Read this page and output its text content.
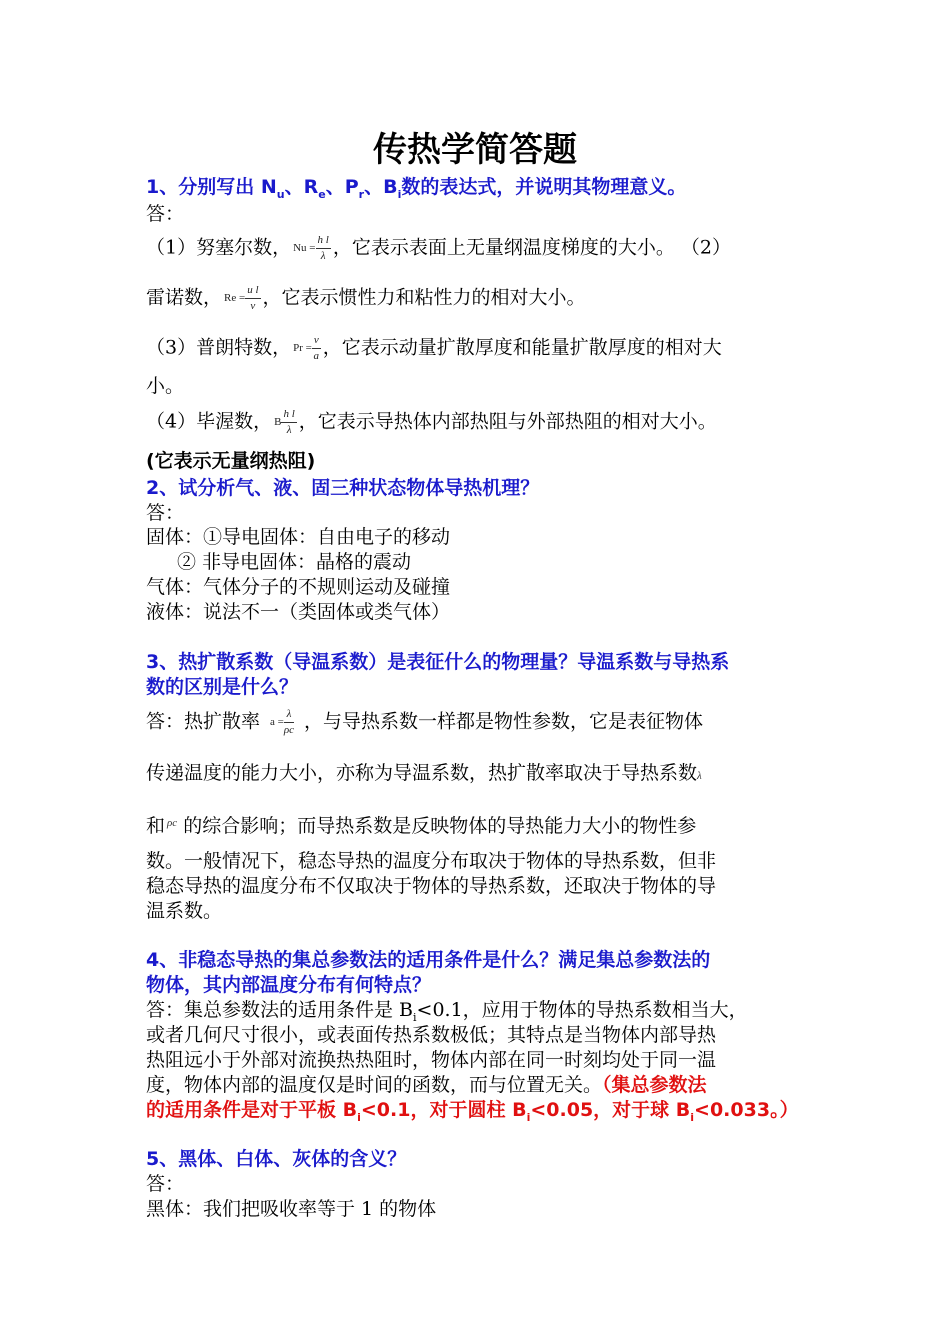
传热学简答题
1、分别写出 $N_u$、$R_e$、$P_r$、$B_i$数的表达式，并说明其物理意义。
答：
（1）努塞尔数， $Nu = \frac{\text{h l}}{\lambda}$ ，它表示表面上无量纲温度梯度的大小。 （2）
雷诺数， $Re = \frac{\text{u l}}{\nu}$ ，它表示惯性力和粘性力的相对大小。
（3）普朗特数， $Pr = \frac{\nu}{a}$ ，它表示动量扩散厚度和能量扩散厚度的相对大
小。
（4）毕渥数， B $\frac{\text{h l}}{\lambda}$ ，它表示导热体内部热阻与外部热阻的相对大小。
(它表示无量纲热阻)
2、试分析气、液、固三种状态物体导热机理？
答：
固体：①导电固体：自由电子的移动
② 非导电固体：晶格的震动
气体：气体分子的不规则运动及碰撞
液体：说法不一（类固体或类气体）
3、热扩散系数（导温系数）是表征什么的物理量？导温系数与导热系
数的区别是什么？
答：热扩散率 $a = \frac{\lambda}{\rho c}$ ，与导热系数一样都是物性参数，它是表征物体
传递温度的能力大小，亦称为导温系数，热扩散率取决于导热系数λ
和 $^{\rho c}$ 的综合影响；而导热系数是反映物体的导热能力大小的物性参
数。一般情况下，稳态导热的温度分布取决于物体的导热系数，但非
稳态导热的温度分布不仅取决于物体的导热系数，还取决于物体的导
温系数。
4、非稳态导热的集总参数法的适用条件是什么？满足集总参数法的
物体，其内部温度分布有何特点？
答：集总参数法的适用条件是 $B_i<0.1$，应用于物体的导热系数相当大，
或者几何尺寸很小，或表面传热系数极低；其特点是当物体内部导热
热阻远小于外部对流换热热阻时，物体内部在同一时刻均处于同一温
度，物体内部的温度仅是时间的函数，而与位置无关。（集总参数法
的适用条件是对于平板 $B_i<0.1$，对于圆柱 $B_i<0.05$，对于球 $B_i<0.033$。）
5、黑体、白体、灰体的含义？
答：
黑体：我们把吸收率等于 1 的物体
